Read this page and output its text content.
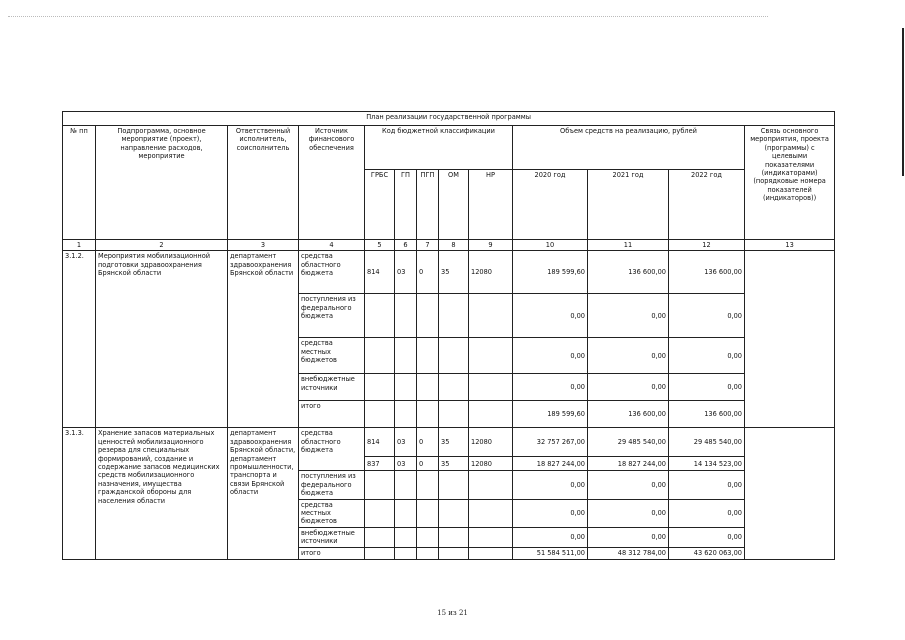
План реализации государственной программы												
№ пп	Подпрограмма, основное мероприятие (проект), направление расходов, мероприятие	Ответственный исполнитель, соисполнитель	Источник финансового обеспечения	Код бюджетной классификации					Объем средств на реализацию, рублей			Связь основного мероприятия, проекта (программы) с целевыми показателями (индикаторами) (порядковые номера показателей (индикаторов))
				ГРБС	ГП	ПГП	ОМ	НР	2020 год	2021 год	2022 год	
1	2	3	4	5	6	7	8	9	10	11	12	13
3.1.2.	Мероприятия мобилизационной подготовки здравоохранения Брянской области	департамент здравоохранения Брянской области	средства областного бюджета	814	03	0	35	12080	189 599,60	136 600,00	136 600,00	
			поступления из федерального бюджета						0,00	0,00	0,00	
			средства местных бюджетов						0,00	0,00	0,00	
			внебюджетные источники						0,00	0,00	0,00	
			итого						189 599,60	136 600,00	136 600,00	
3.1.3.	Хранение запасов материальных ценностей мобилизационного резерва для специальных формирований, создание и содержание запасов медицинских средств мобилизационного назначения, имущества гражданской обороны для населения области	департамент здравоохранения Брянской области, департамент промышленности, транспорта и связи Брянской области	средства областного бюджета	814	03	0	35	12080	32 757 267,00	29 485 540,00	29 485 540,00	
				837	03	0	35	12080	18 827 244,00	18 827 244,00	14 134 523,00	
			поступления из федерального бюджета						0,00	0,00	0,00	
			средства местных бюджетов						0,00	0,00	0,00	
			внебюджетные источники						0,00	0,00	0,00	
			итого						51 584 511,00	48 312 784,00	43 620 063,00	
15 из 21
